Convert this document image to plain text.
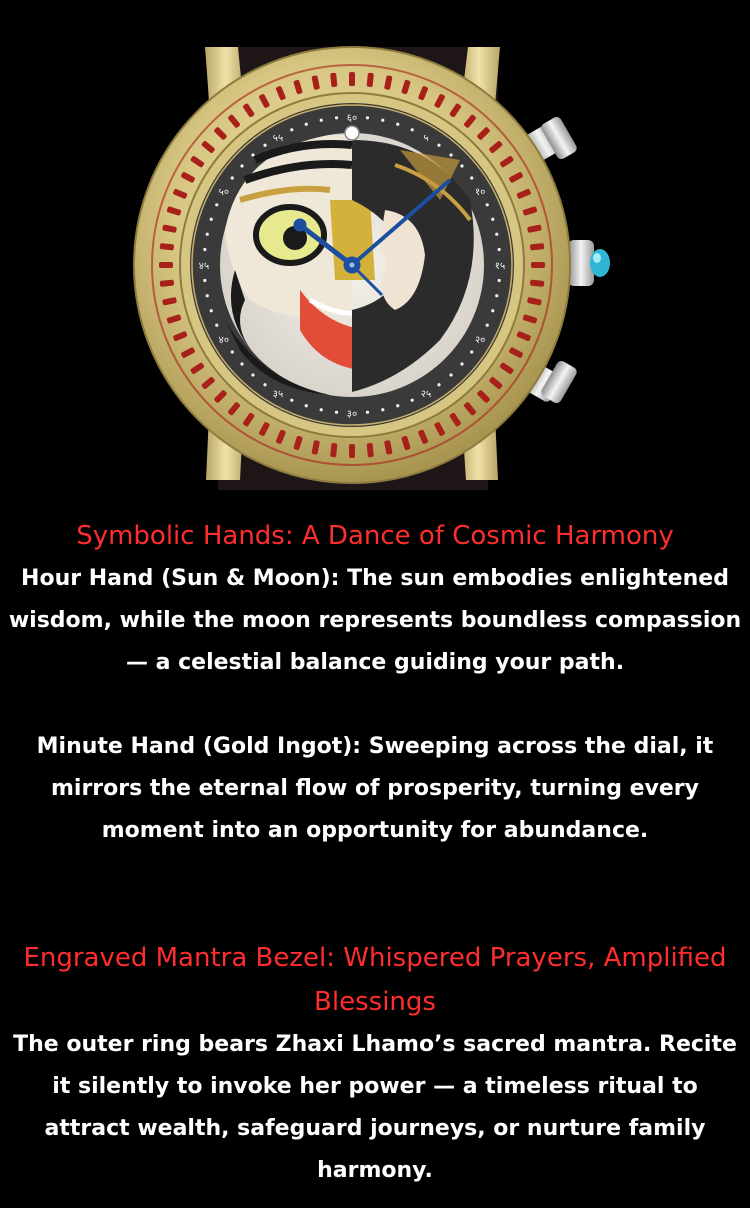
६०
५
१०
१५
२०
२५
३०
३५
४०
४५
५०
५५
Symbolic Hands: A Dance of Cosmic Harmony

Hour Hand (Sun & Moon): The sun embodies enlightened wisdom, while the moon represents boundless compassion — a celestial balance guiding your path.

Minute Hand (Gold Ingot): Sweeping across the dial, it mirrors the eternal flow of prosperity, turning every moment into an opportunity for abundance.

Engraved Mantra Bezel: Whispered Prayers, Amplified Blessings

The outer ring bears Zhaxi Lhamo’s sacred mantra. Recite it silently to invoke her power — a timeless ritual to attract wealth, safeguard journeys, or nurture family harmony.
